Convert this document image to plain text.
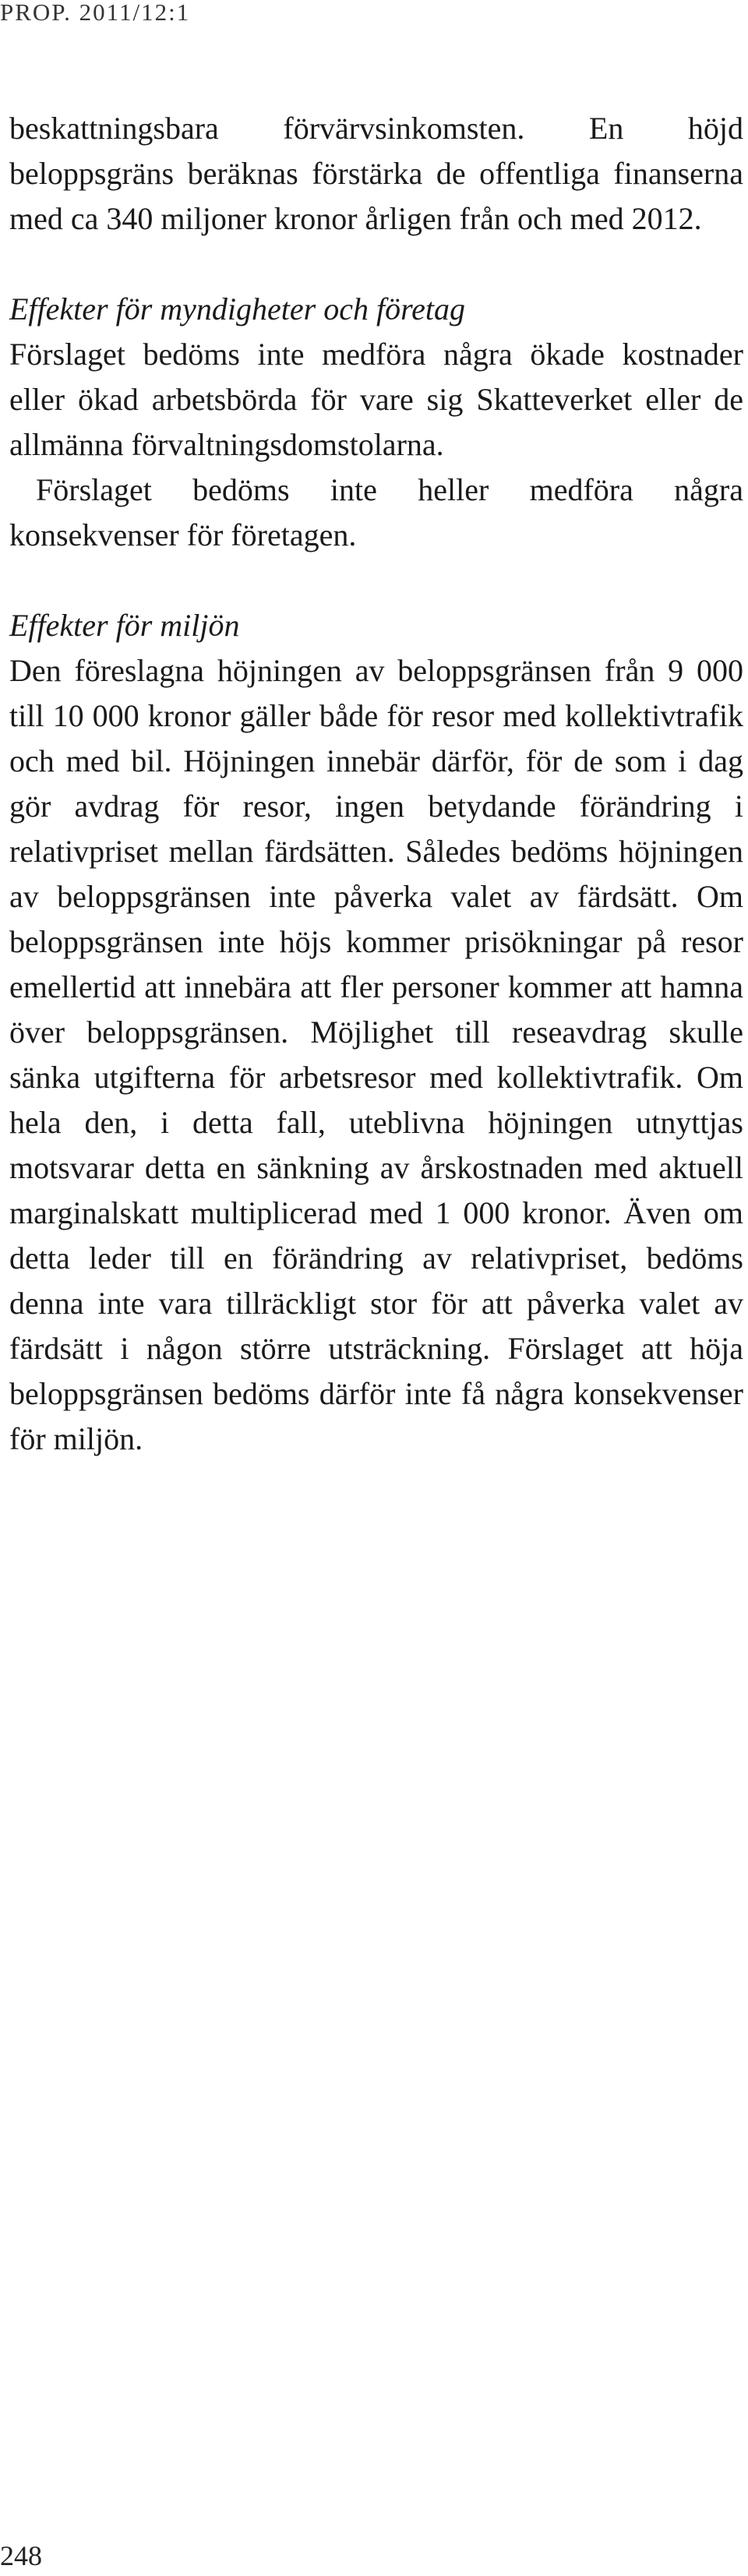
PROP. 2011/12:1

beskattningsbara förvärvsinkomsten. En höjd beloppsgräns beräknas förstärka de offentliga finanserna med ca 340 miljoner kronor årligen från och med 2012.

Effekter för myndigheter och företag

Förslaget bedöms inte medföra några ökade kostnader eller ökad arbetsbörda för vare sig Skatteverket eller de allmänna förvaltningsdomstolarna.

Förslaget bedöms inte heller medföra några konsekvenser för företagen.

Effekter för miljön

Den föreslagna höjningen av beloppsgränsen från 9 000 till 10 000 kronor gäller både för resor med kollektivtrafik och med bil. Höjningen innebär därför, för de som i dag gör avdrag för resor, ingen betydande förändring i relativpriset mellan färdsätten. Således bedöms höjningen av beloppsgränsen inte påverka valet av färdsätt. Om beloppsgränsen inte höjs kommer prisökningar på resor emellertid att innebära att fler personer kommer att hamna över beloppsgränsen. Möjlighet till reseavdrag skulle sänka utgifterna för arbetsresor med kollektivtrafik. Om hela den, i detta fall, uteblivna höjningen utnyttjas motsvarar detta en sänkning av årskostnaden med aktuell marginalskatt multiplicerad med 1 000 kronor. Även om detta leder till en förändring av relativpriset, bedöms denna inte vara tillräckligt stor för att påverka valet av färdsätt i någon större utsträckning. Förslaget att höja beloppsgränsen bedöms därför inte få några konsekvenser för miljön.

248
